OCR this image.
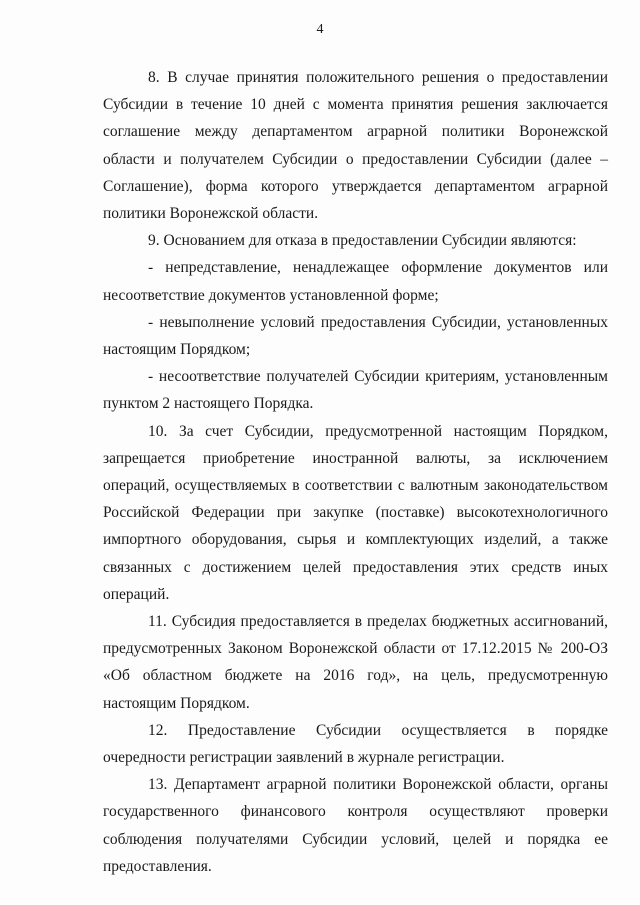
4

8. В случае принятия положительного решения о предоставлении Субсидии в течение 10 дней с момента принятия решения заключается соглашение между департаментом аграрной политики Воронежской области и получателем Субсидии о предоставлении Субсидии (далее – Соглашение), форма которого утверждается департаментом аграрной политики Воронежской области.

9. Основанием для отказа в предоставлении Субсидии являются:

- непредставление, ненадлежащее оформление документов или несоответствие документов установленной форме;

- невыполнение условий предоставления Субсидии, установленных настоящим Порядком;

- несоответствие получателей Субсидии критериям, установленным пунктом 2 настоящего Порядка.

10. За счет Субсидии, предусмотренной настоящим Порядком, запрещается приобретение иностранной валюты, за исключением операций, осуществляемых в соответствии с валютным законодательством Российской Федерации при закупке (поставке) высокотехнологичного импортного оборудования, сырья и комплектующих изделий, а также связанных с достижением целей предоставления этих средств иных операций.

11. Субсидия предоставляется в пределах бюджетных ассигнований, предусмотренных Законом Воронежской области от 17.12.2015 № 200-ОЗ «Об областном бюджете на 2016 год», на цель, предусмотренную настоящим Порядком.

12. Предоставление Субсидии осуществляется в порядке очередности регистрации заявлений в журнале регистрации.

13. Департамент аграрной политики Воронежской области, органы государственного финансового контроля осуществляют проверки соблюдения получателями Субсидии условий, целей и порядка ее предоставления.
